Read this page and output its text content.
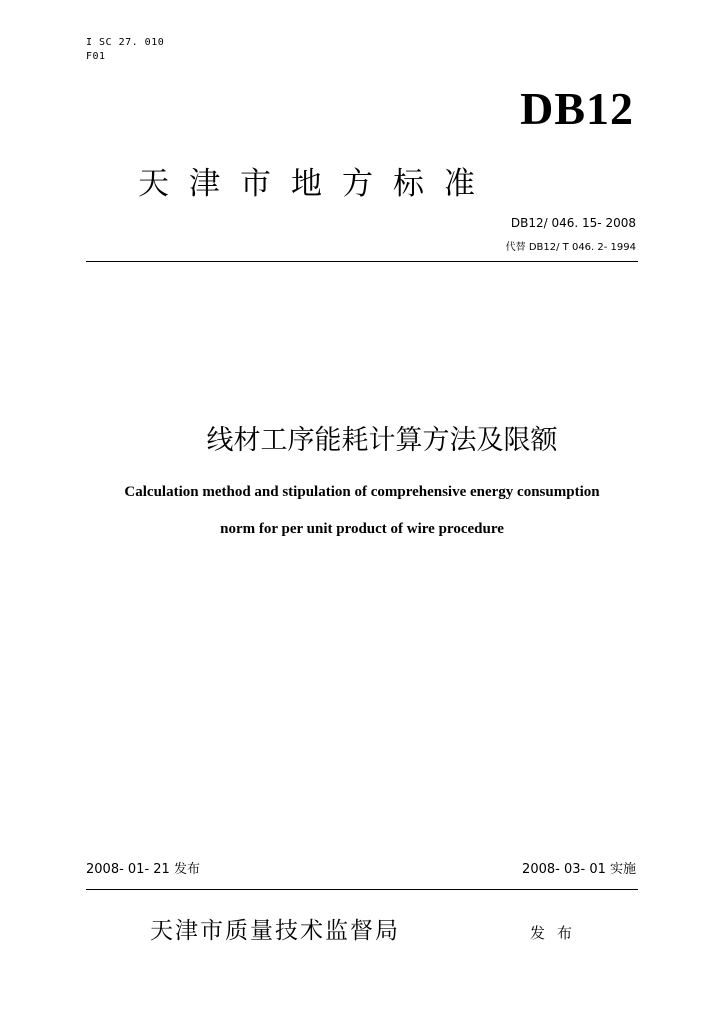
I SC 27. 010
F01
DB12
天津市地方标准
DB12/ 046. 15- 2008
代替 DB12/ T 046. 2- 1994
线材工序能耗计算方法及限额
Calculation method and stipulation of comprehensive energy consumption
norm for per unit product of wire procedure
2008- 01- 21 发布	2008- 03- 01 实施
天津市质量技术监督局	发布
